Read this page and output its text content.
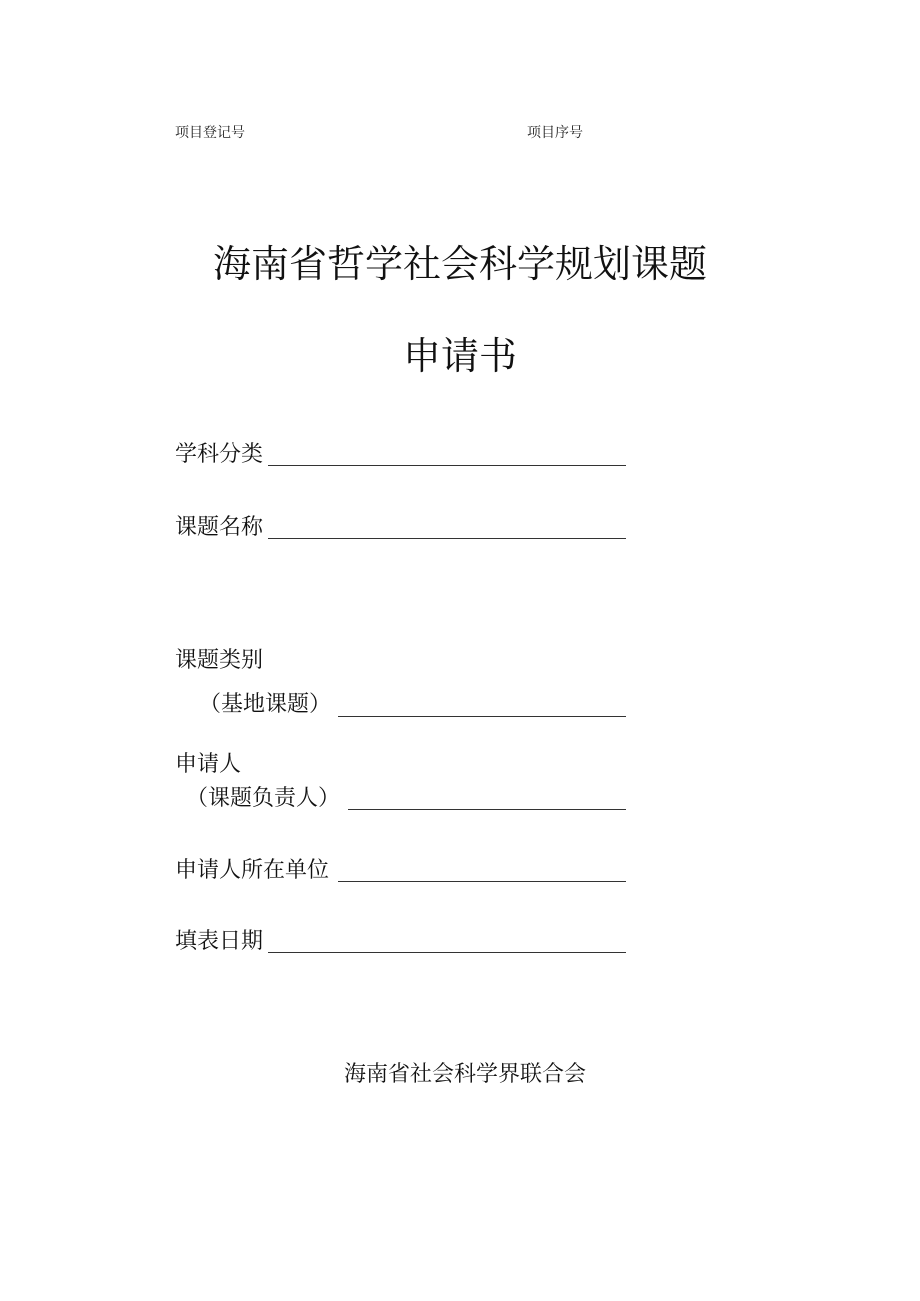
项目登记号	项目序号
海南省哲学社会科学规划课题
申请书
学科分类
课题名称
课题类别
（基地课题）
申请人
（课题负责人）
申请人所在单位
填表日期
海南省社会科学界联合会
